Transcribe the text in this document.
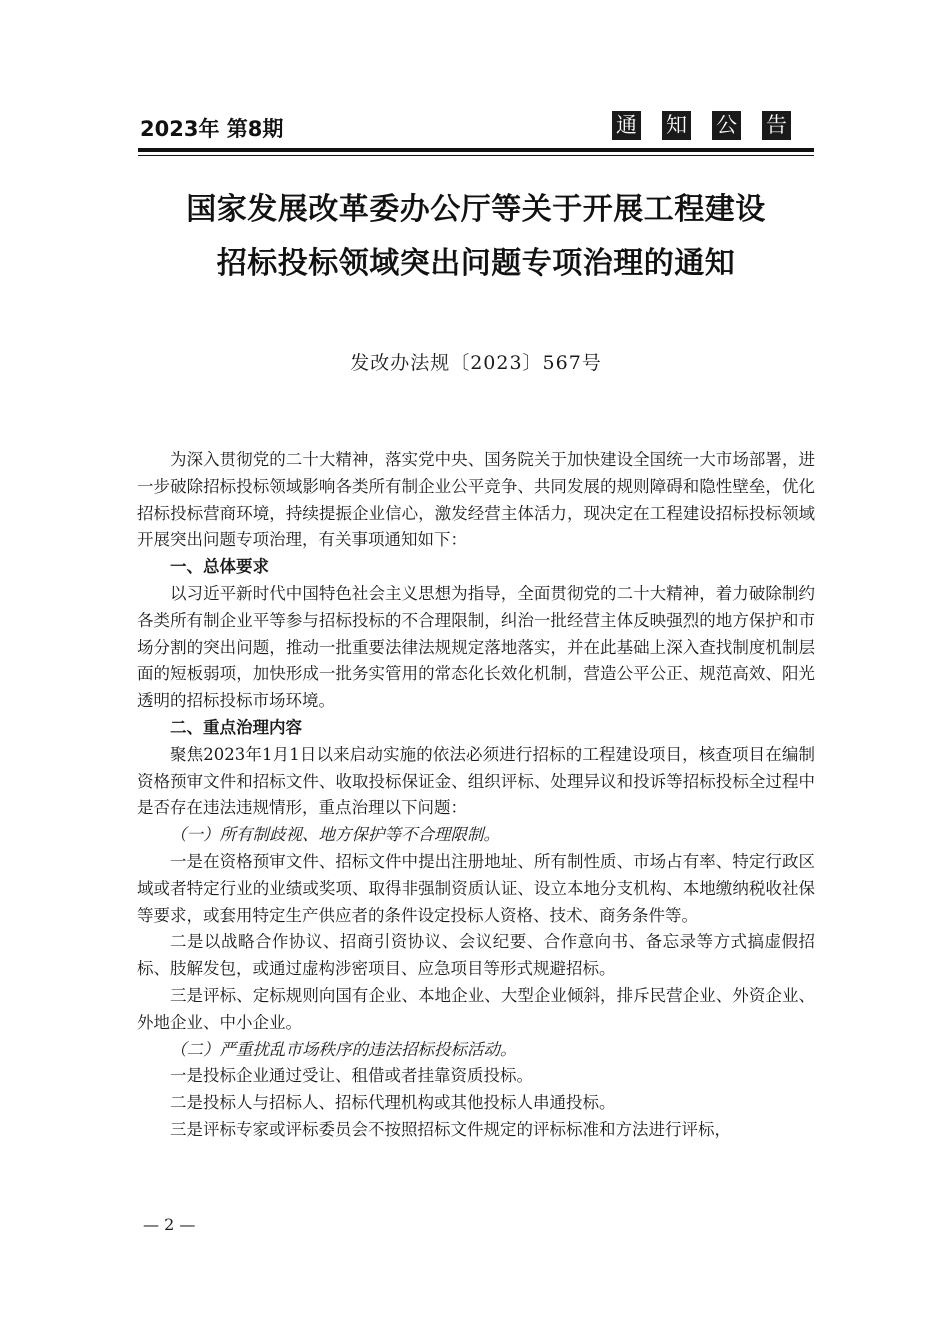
2023年 第8期	通 知 公 告
国家发展改革委办公厅等关于开展工程建设
招标投标领域突出问题专项治理的通知
发改办法规〔2023〕567号

为深入贯彻党的二十大精神，落实党中央、国务院关于加快建设全国统一大市场部署，进一步破除招标投标领域影响各类所有制企业公平竞争、共同发展的规则障碍和隐性壁垒，优化招标投标营商环境，持续提振企业信心，激发经营主体活力，现决定在工程建设招标投标领域开展突出问题专项治理，有关事项通知如下：

一、总体要求

以习近平新时代中国特色社会主义思想为指导，全面贯彻党的二十大精神，着力破除制约各类所有制企业平等参与招标投标的不合理限制，纠治一批经营主体反映强烈的地方保护和市场分割的突出问题，推动一批重要法律法规规定落地落实，并在此基础上深入查找制度机制层面的短板弱项，加快形成一批务实管用的常态化长效化机制，营造公平公正、规范高效、阳光透明的招标投标市场环境。

二、重点治理内容

聚焦2023年1月1日以来启动实施的依法必须进行招标的工程建设项目，核查项目在编制资格预审文件和招标文件、收取投标保证金、组织评标、处理异议和投诉等招标投标全过程中是否存在违法违规情形，重点治理以下问题：

（一）所有制歧视、地方保护等不合理限制。

一是在资格预审文件、招标文件中提出注册地址、所有制性质、市场占有率、特定行政区域或者特定行业的业绩或奖项、取得非强制资质认证、设立本地分支机构、本地缴纳税收社保等要求，或套用特定生产供应者的条件设定投标人资格、技术、商务条件等。

二是以战略合作协议、招商引资协议、会议纪要、合作意向书、备忘录等方式搞虚假招标、肢解发包，或通过虚构涉密项目、应急项目等形式规避招标。

三是评标、定标规则向国有企业、本地企业、大型企业倾斜，排斥民营企业、外资企业、外地企业、中小企业。

（二）严重扰乱市场秩序的违法招标投标活动。

一是投标企业通过受让、租借或者挂靠资质投标。

二是投标人与招标人、招标代理机构或其他投标人串通投标。

三是评标专家或评标委员会不按照招标文件规定的评标标准和方法进行评标，

— 2 —
